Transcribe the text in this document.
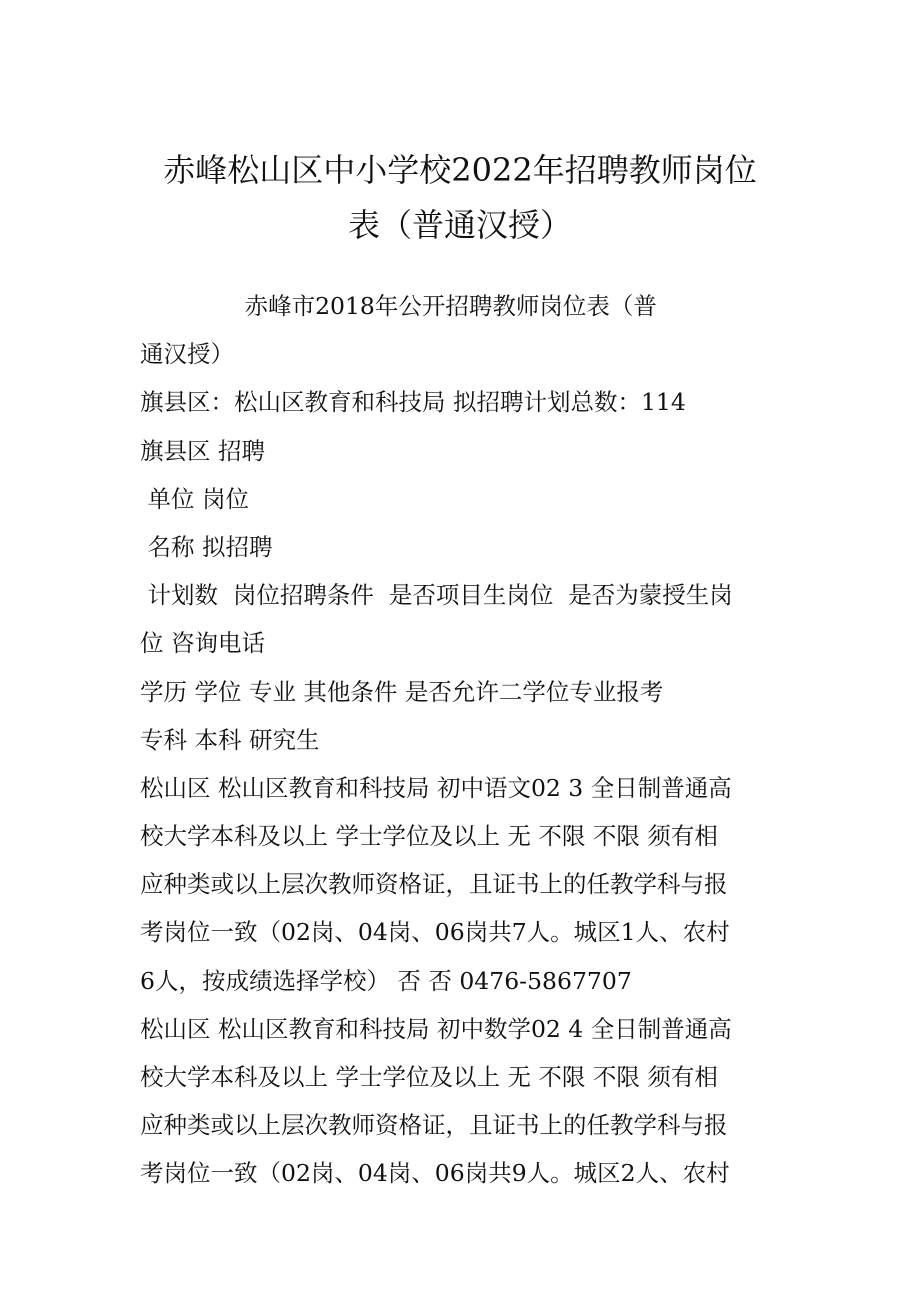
赤峰松山区中小学校2022年招聘教师岗位
表（普通汉授）
赤峰市2018年公开招聘教师岗位表（普
通汉授）
旗县区：松山区教育和科技局 拟招聘计划总数：114
旗县区 招聘
单位 岗位
名称 拟招聘
计划数  岗位招聘条件  是否项目生岗位  是否为蒙授生岗
位 咨询电话
学历 学位 专业 其他条件 是否允许二学位专业报考
专科 本科 研究生
松山区 松山区教育和科技局 初中语文02 3 全日制普通高
校大学本科及以上 学士学位及以上 无 不限 不限 须有相
应种类或以上层次教师资格证，且证书上的任教学科与报
考岗位一致（02岗、04岗、06岗共7人。城区1人、农村
6人，按成绩选择学校） 否 否 0476-5867707
松山区 松山区教育和科技局 初中数学02 4 全日制普通高
校大学本科及以上 学士学位及以上 无 不限 不限 须有相
应种类或以上层次教师资格证，且证书上的任教学科与报
考岗位一致（02岗、04岗、06岗共9人。城区2人、农村
